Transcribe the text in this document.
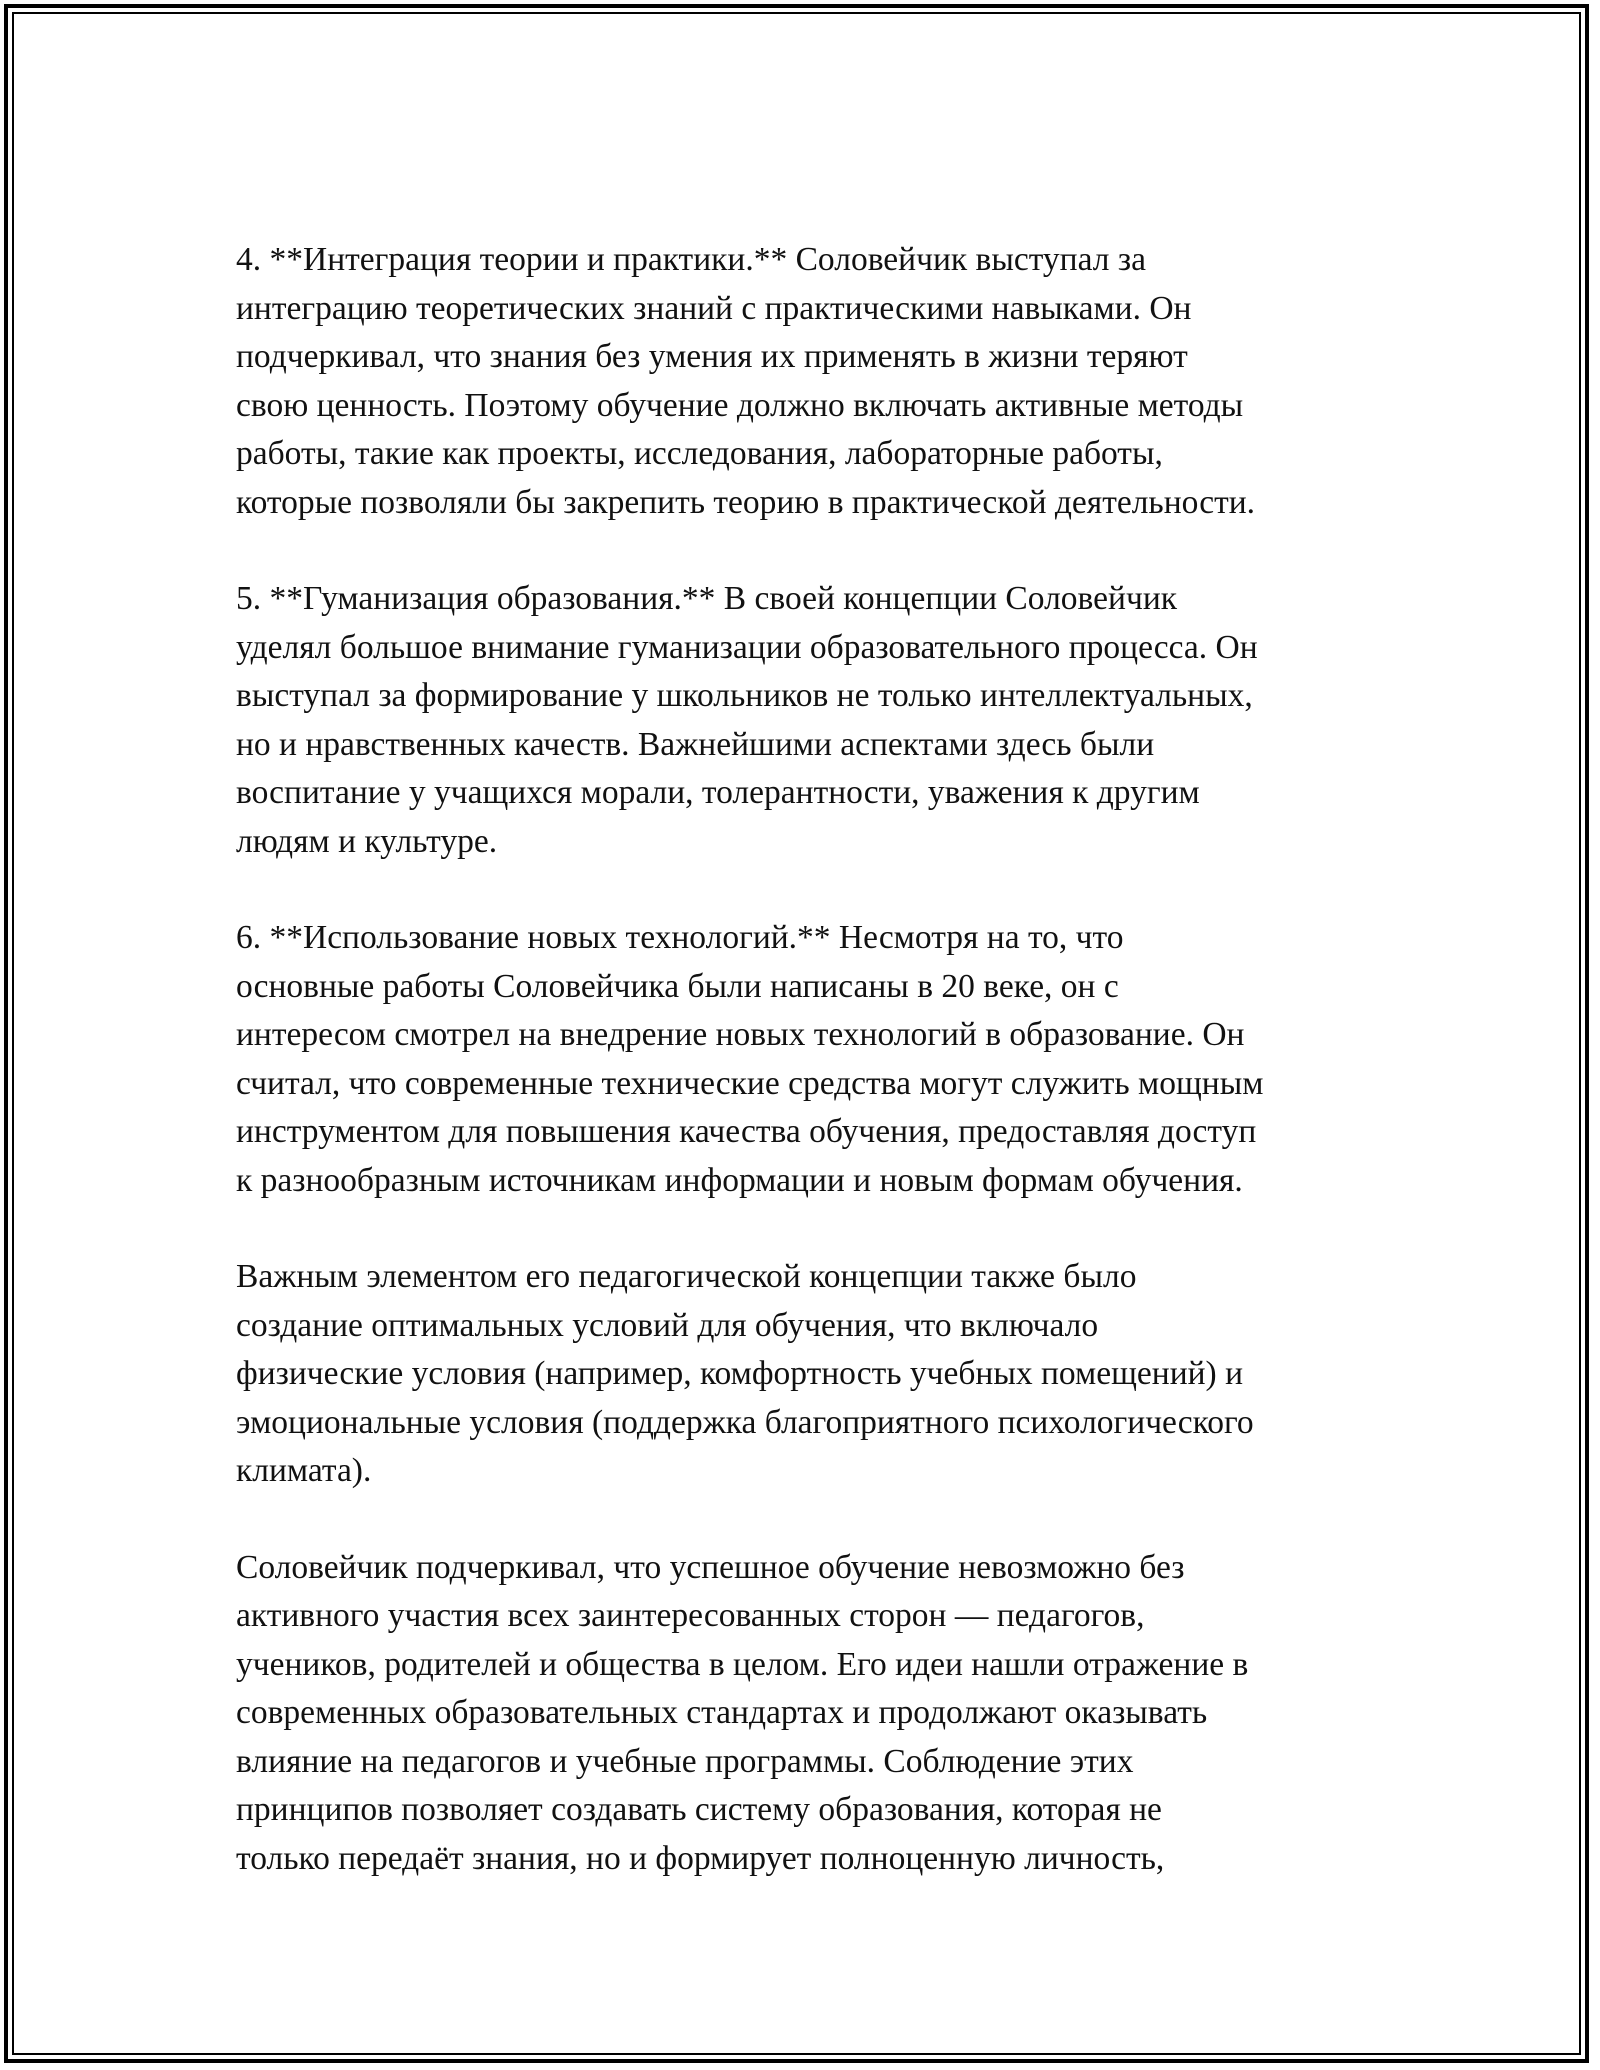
4. **Интеграция теории и практики.** Соловейчик выступал за
интеграцию теоретических знаний с практическими навыками. Он
подчеркивал, что знания без умения их применять в жизни теряют
свою ценность. Поэтому обучение должно включать активные методы
работы, такие как проекты, исследования, лабораторные работы,
которые позволяли бы закрепить теорию в практической деятельности.

5. **Гуманизация образования.** В своей концепции Соловейчик
уделял большое внимание гуманизации образовательного процесса. Он
выступал за формирование у школьников не только интеллектуальных,
но и нравственных качеств. Важнейшими аспектами здесь были
воспитание у учащихся морали, толерантности, уважения к другим
людям и культуре.

6. **Использование новых технологий.** Несмотря на то, что
основные работы Соловейчика были написаны в 20 веке, он с
интересом смотрел на внедрение новых технологий в образование. Он
считал, что современные технические средства могут служить мощным
инструментом для повышения качества обучения, предоставляя доступ
к разнообразным источникам информации и новым формам обучения.

Важным элементом его педагогической концепции также было
создание оптимальных условий для обучения, что включало
физические условия (например, комфортность учебных помещений) и
эмоциональные условия (поддержка благоприятного психологического
климата).

Соловейчик подчеркивал, что успешное обучение невозможно без
активного участия всех заинтересованных сторон — педагогов,
учеников, родителей и общества в целом. Его идеи нашли отражение в
современных образовательных стандартах и продолжают оказывать
влияние на педагогов и учебные программы. Соблюдение этих
принципов позволяет создавать систему образования, которая не
только передаёт знания, но и формирует полноценную личность,
